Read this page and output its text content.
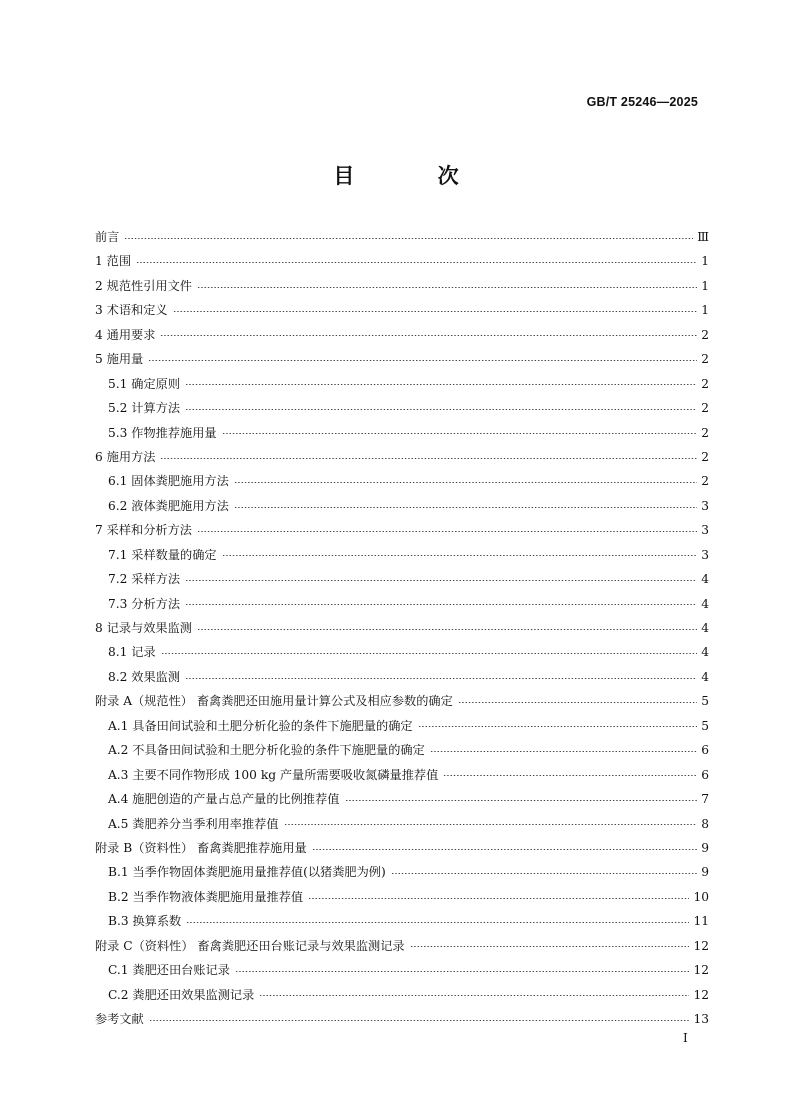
GB/T 25246—2025
目 次
前言	Ⅲ
1 范围	1
2 规范性引用文件	1
3 术语和定义	1
4 通用要求	2
5 施用量	2
5.1 确定原则	2
5.2 计算方法	2
5.3 作物推荐施用量	2
6 施用方法	2
6.1 固体粪肥施用方法	2
6.2 液体粪肥施用方法	3
7 采样和分析方法	3
7.1 采样数量的确定	3
7.2 采样方法	4
7.3 分析方法	4
8 记录与效果监测	4
8.1 记录	4
8.2 效果监测	4
附录 A（规范性） 畜禽粪肥还田施用量计算公式及相应参数的确定	5
A.1 具备田间试验和土肥分析化验的条件下施肥量的确定	5
A.2 不具备田间试验和土肥分析化验的条件下施肥量的确定	6
A.3 主要不同作物形成 100 kg 产量所需要吸收氮磷量推荐值	6
A.4 施肥创造的产量占总产量的比例推荐值	7
A.5 粪肥养分当季利用率推荐值	8
附录 B（资料性） 畜禽粪肥推荐施用量	9
B.1 当季作物固体粪肥施用量推荐值(以猪粪肥为例)	9
B.2 当季作物液体粪肥施用量推荐值	10
B.3 换算系数	11
附录 C（资料性） 畜禽粪肥还田台账记录与效果监测记录	12
C.1 粪肥还田台账记录	12
C.2 粪肥还田效果监测记录	12
参考文献	13
I
